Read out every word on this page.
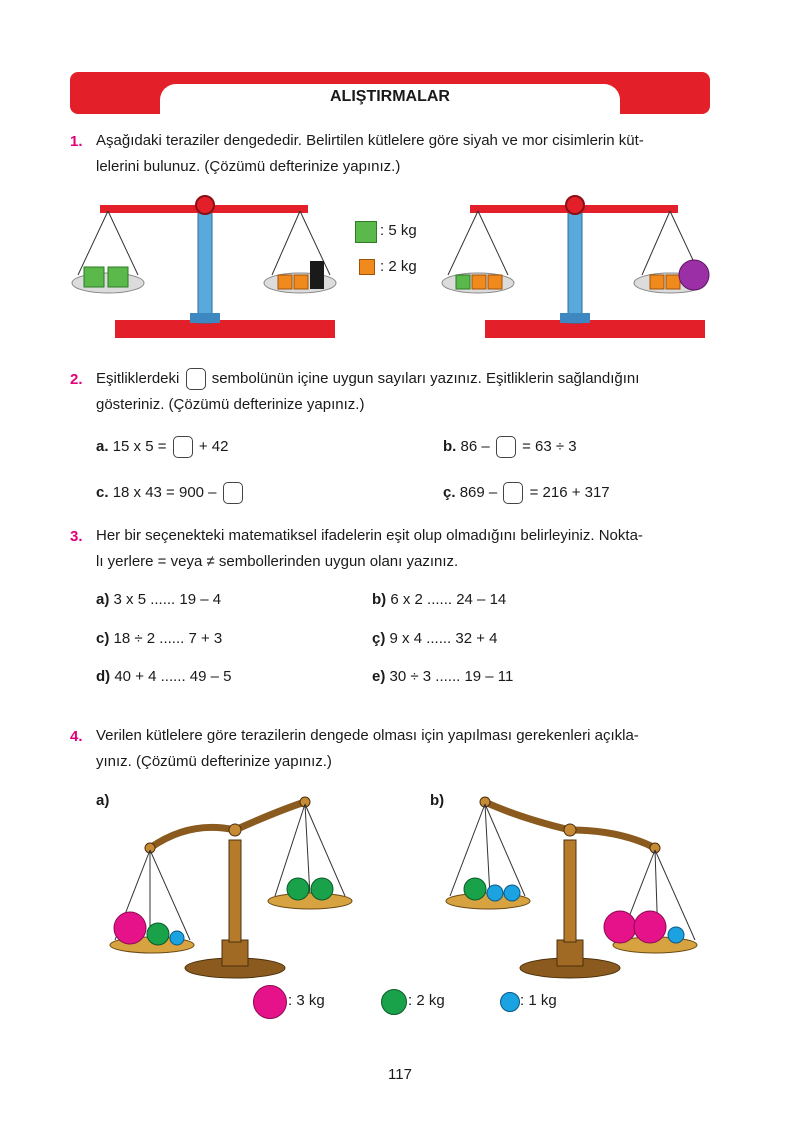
ALIŞTIRMALAR
1. Aşağıdaki teraziler dengededir. Belirtilen kütlelere göre siyah ve mor cisimlerin küt-
lelerini bulunuz. (Çözümü defterinize yapınız.)
: 5 kg
: 2 kg
2. Eşitliklerdeki sembolünün içine uygun sayıları yazınız. Eşitliklerin sağlandığını
gösteriniz. (Çözümü defterinize yapınız.)
a. 15 x 5 = + 42	b. 86 – = 63 ÷ 3
c. 18 x 43 = 900 –	ç. 869 – = 216 + 317
3. Her bir seçenekteki matematiksel ifadelerin eşit olup olmadığını belirleyiniz. Nokta-
lı yerlere = veya ≠ sembollerinden uygun olanı yazınız.
a) 3 x 5 ...... 19 – 4	b) 6 x 2 ...... 24 – 14
c) 18 ÷ 2 ...... 7 + 3	ç) 9 x 4 ...... 32 + 4
d) 40 + 4 ...... 49 – 5	e) 30 ÷ 3 ...... 19 – 11
4. Verilen kütlelere göre terazilerin dengede olması için yapılması gerekenleri açıkla-
yınız. (Çözümü defterinize yapınız.)
a)	b)
: 3 kg	: 2 kg	: 1 kg
117
